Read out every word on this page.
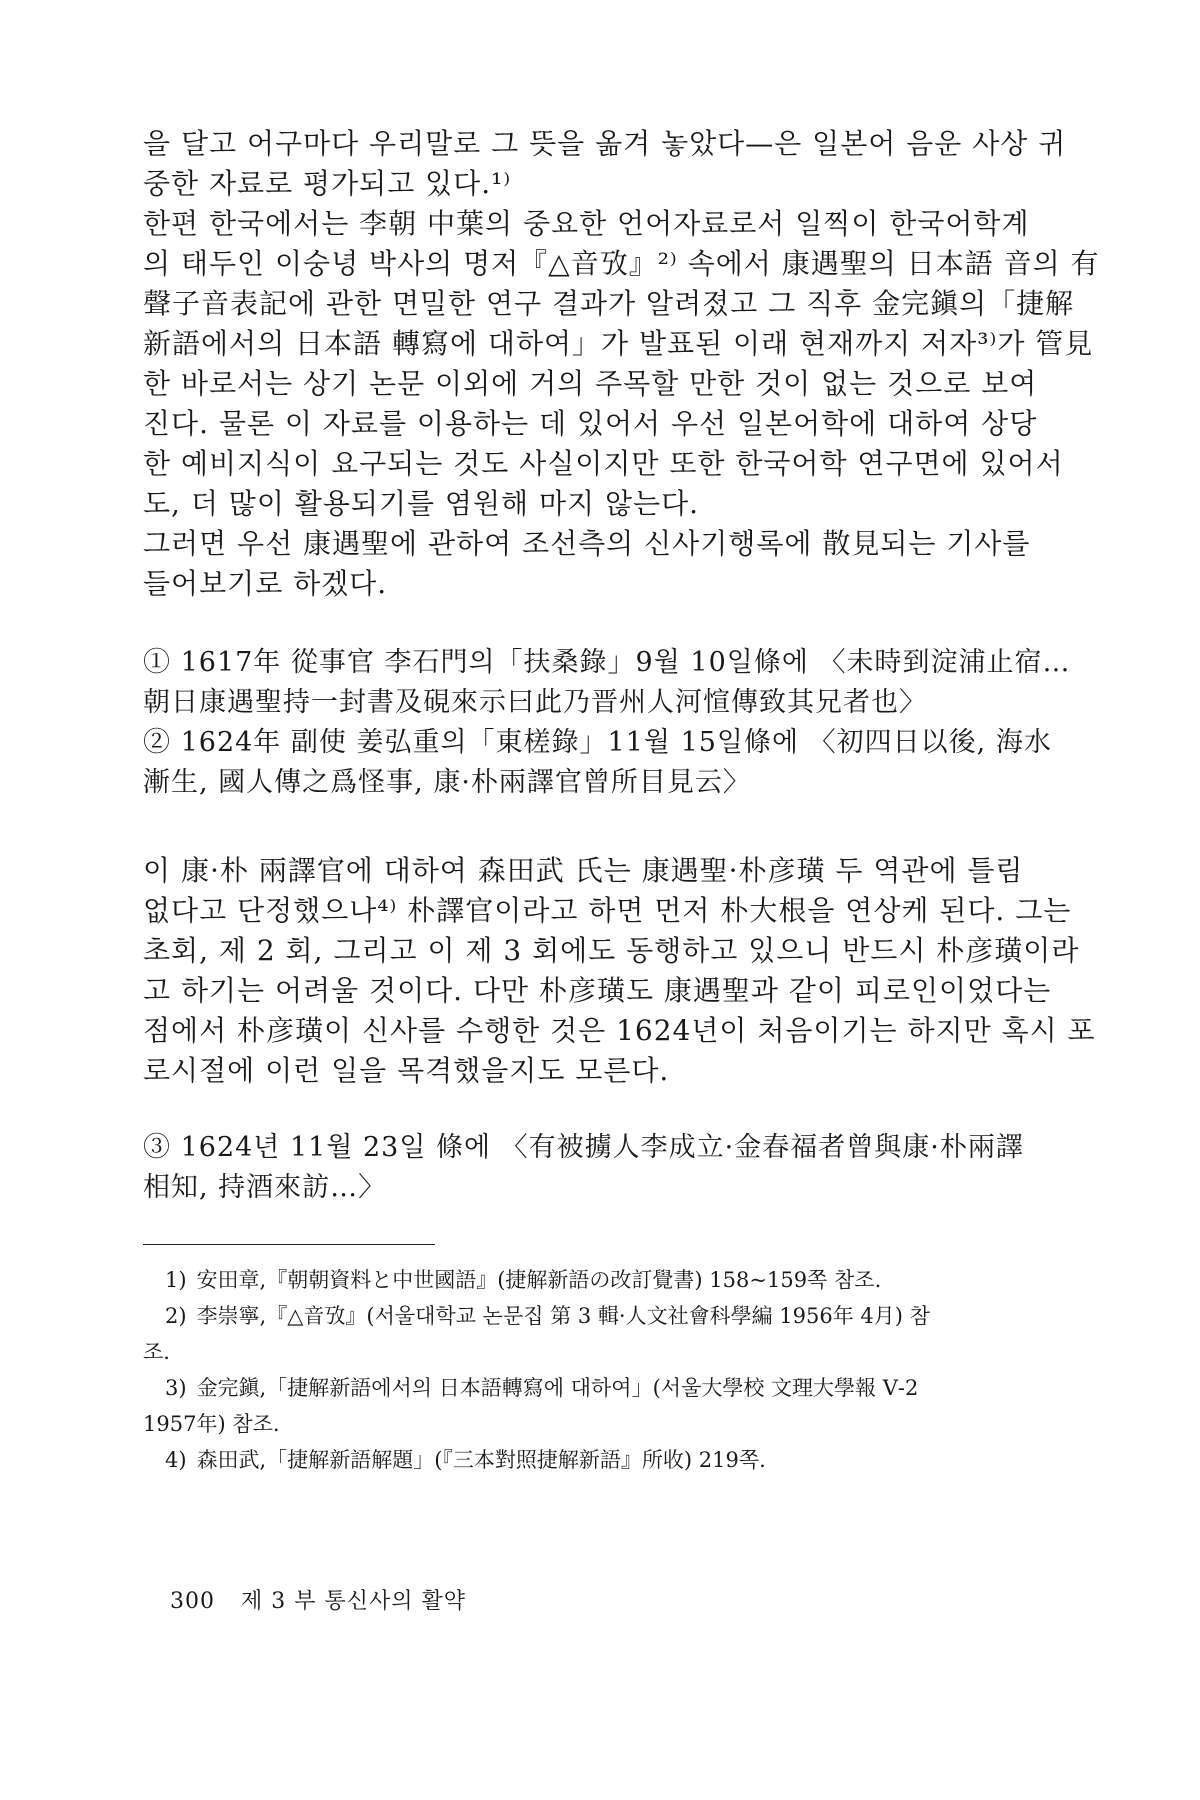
을 달고 어구마다 우리말로 그 뜻을 옮겨 놓았다—은 일본어 음운 사상 귀
중한 자료로 평가되고 있다.¹⁾
한편 한국에서는 李朝 中葉의 중요한 언어자료로서 일찍이 한국어학계
의 태두인 이숭녕 박사의 명저『△音攷』²⁾ 속에서 康遇聖의 日本語 音의 有
聲子音表記에 관한 면밀한 연구 결과가 알려졌고 그 직후 金完鎭의「捷解
新語에서의 日本語 轉寫에 대하여」가 발표된 이래 현재까지 저자³⁾가 管見
한 바로서는 상기 논문 이외에 거의 주목할 만한 것이 없는 것으로 보여
진다. 물론 이 자료를 이용하는 데 있어서 우선 일본어학에 대하여 상당
한 예비지식이 요구되는 것도 사실이지만 또한 한국어학 연구면에 있어서
도, 더 많이 활용되기를 염원해 마지 않는다.
그러면 우선 康遇聖에 관하여 조선측의 신사기행록에 散見되는 기사를
들어보기로 하겠다.
① 1617年 從事官 李石門의「扶桑錄」9월 10일條에 〈未時到淀浦止宿…
朝日康遇聖持一封書及硯來示曰此乃晋州人河愃傳致其兄者也〉
② 1624年 副使 姜弘重의「東槎錄」11월 15일條에 〈初四日以後, 海水
漸生, 國人傳之爲怪事, 康·朴兩譯官曾所目見云〉
이 康·朴 兩譯官에 대하여 森田武 氏는 康遇聖·朴彦璜 두 역관에 틀림
없다고 단정했으나⁴⁾ 朴譯官이라고 하면 먼저 朴大根을 연상케 된다. 그는
초회, 제 2 회, 그리고 이 제 3 회에도 동행하고 있으니 반드시 朴彦璜이라
고 하기는 어려울 것이다. 다만 朴彦璜도 康遇聖과 같이 피로인이었다는
점에서 朴彦璜이 신사를 수행한 것은 1624년이 처음이기는 하지만 혹시 포
로시절에 이런 일을 목격했을지도 모른다.
③ 1624년 11월 23일 條에 〈有被擄人李成立·金春福者曾與康·朴兩譯
相知, 持酒來訪…〉
1) 安田章,『朝朝資料と中世國語』(捷解新語の改訂覺書) 158~159쪽 참조.
2) 李崇寧,『△音攷』(서울대학교 논문집 第 3 輯·人文社會科學編 1956年 4月) 참
조.
3) 金完鎭,「捷解新語에서의 日本語轉寫에 대하여」(서울大學校 文理大學報 Ⅴ-2
1957年) 참조.
4) 森田武,「捷解新語解題」(『三本對照捷解新語』所收) 219쪽.
300 제 3 부 통신사의 활약
